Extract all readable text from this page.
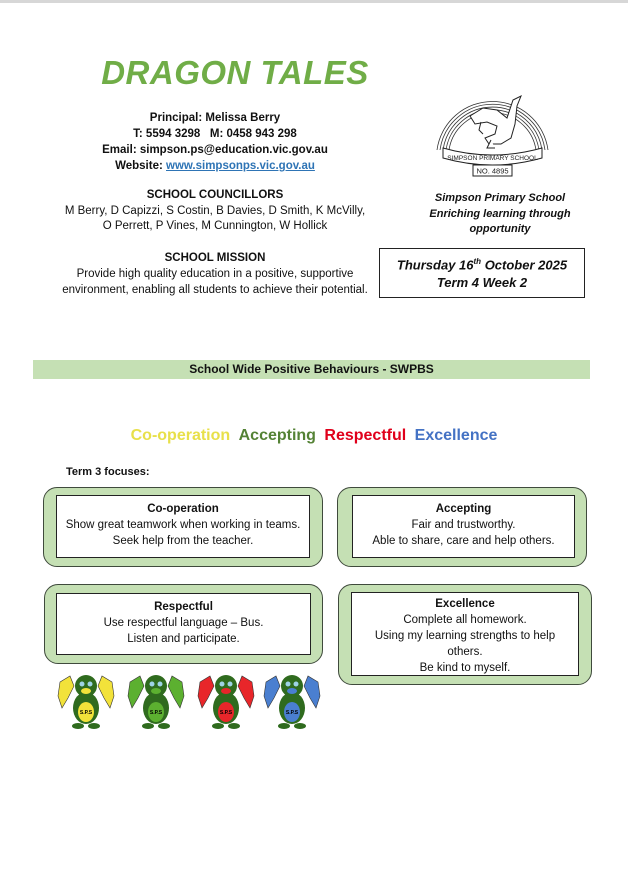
DRAGON TALES
Principal: Melissa Berry
T: 5594 3298   M: 0458 943 298
Email: simpson.ps@education.vic.gov.au
Website: www.simpsonps.vic.gov.au
SCHOOL COUNCILLORS
M Berry, D Capizzi, S Costin, B Davies, D Smith, K McVilly,
O Perrett, P Vines, M Cunnington, W Hollick
SCHOOL MISSION
Provide high quality education in a positive, supportive
environment, enabling all students to achieve their potential.
SIMPSON PRIMARY SCHOOL
NO. 4895
Simpson Primary School
Enriching learning through
opportunity
Thursday 16th October 2025
Term 4 Week 2
School Wide Positive Behaviours - SWPBS
Co-operation Accepting Respectful Excellence
Term 3 focuses:
Co-operation
Show great teamwork when working in teams.
Seek help from the teacher.
Accepting
Fair and trustworthy.
Able to share, care and help others.
Respectful
Use respectful language – Bus.
Listen and participate.
Excellence
Complete all homework.
Using my learning strengths to help
others.
Be kind to myself.
S.P.S	S.P.S	S.P.S	S.P.S
